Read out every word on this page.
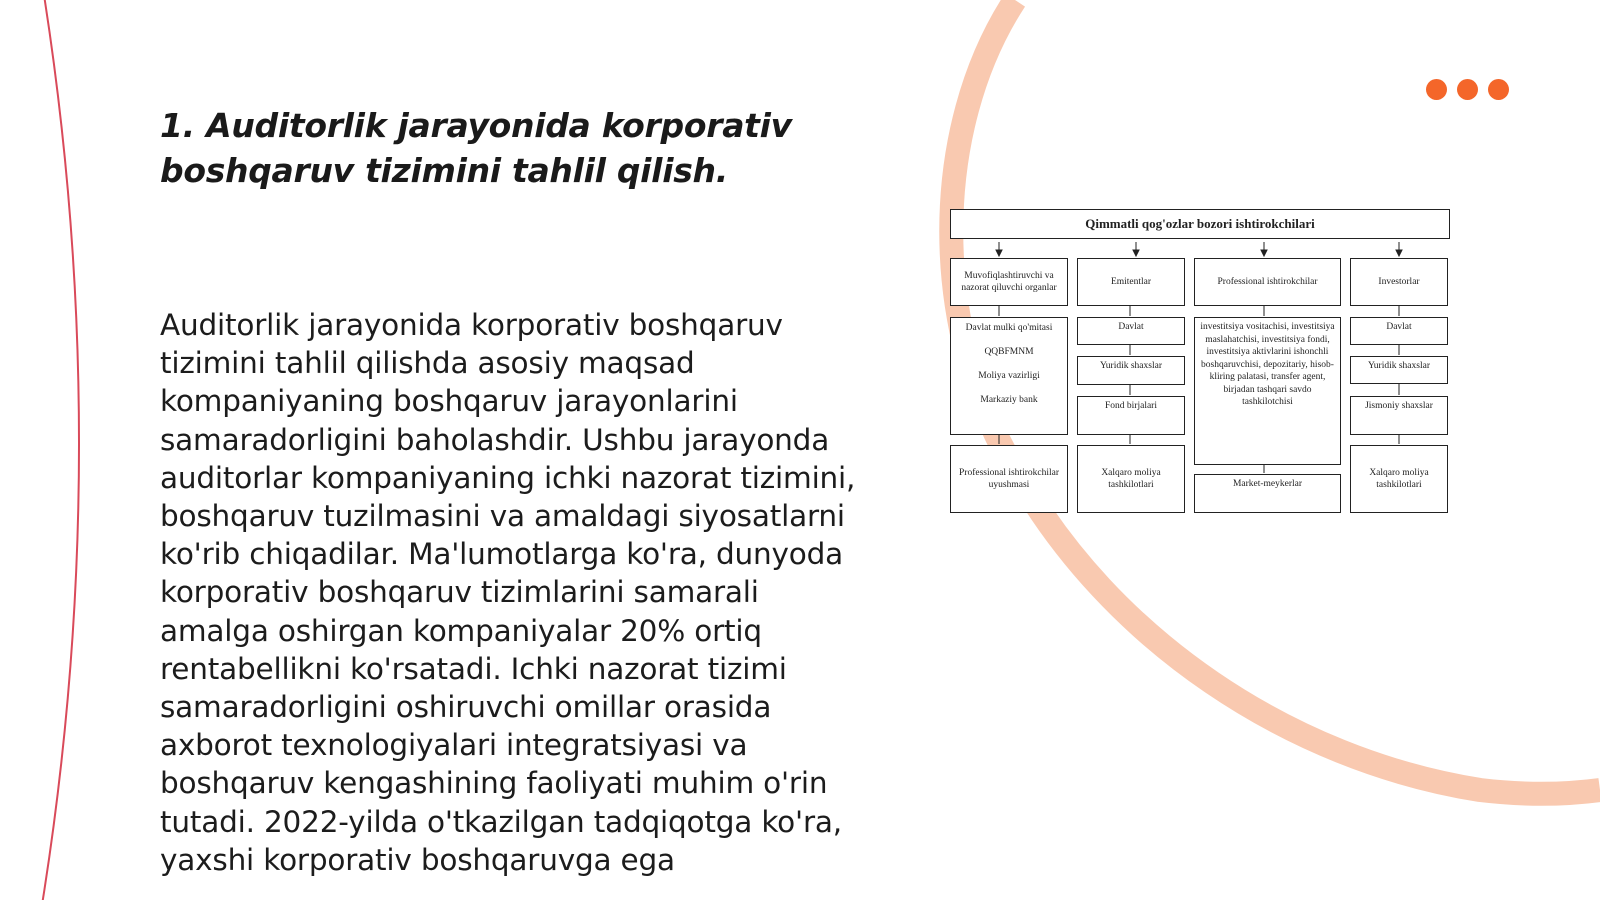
1. Auditorlik jarayonida korporativ boshqaruv tizimini tahlil qilish.

Auditorlik jarayonida korporativ boshqaruv tizimini tahlil qilishda asosiy maqsad kompaniyaning boshqaruv jarayonlarini samaradorligini baholashdir. Ushbu jarayonda auditorlar kompaniyaning ichki nazorat tizimini, boshqaruv tuzilmasini va amaldagi siyosatlarni ko'rib chiqadilar. Ma'lumotlarga ko'ra, dunyoda korporativ boshqaruv tizimlarini samarali amalga oshirgan kompaniyalar 20% ortiq rentabellikni ko'rsatadi. Ichki nazorat tizimi samaradorligini oshiruvchi omillar orasida axborot texnologiyalari integratsiyasi va boshqaruv kengashining faoliyati muhim o'rin tutadi. 2022-yilda o'tkazilgan tadqiqotga ko'ra, yaxshi korporativ boshqaruvga ega

Qimmatli qog'ozlar bozori ishtirokchilari
Muvofiqlashtiruvchi va nazorat qiluvchi organlar
Davlat mulki qo'mitasi
QQBFMNM
Moliya vazirligi
Markaziy bank
Professional ishtirokchilar uyushmasi
Emitentlar
Davlat
Yuridik shaxslar
Fond birjalari
Xalqaro moliya tashkilotlari
Professional ishtirokchilar
investitsiya vositachisi, investitsiya maslahatchisi, investitsiya fondi, investitsiya aktivlarini ishonchli boshqaruvchisi, depozitariy, hisob-kliring palatasi, transfer agent, birjadan tashqari savdo tashkilotchisi
Market-meykerlar
Investorlar
Davlat
Yuridik shaxslar
Jismoniy shaxslar
Xalqaro moliya tashkilotlari
